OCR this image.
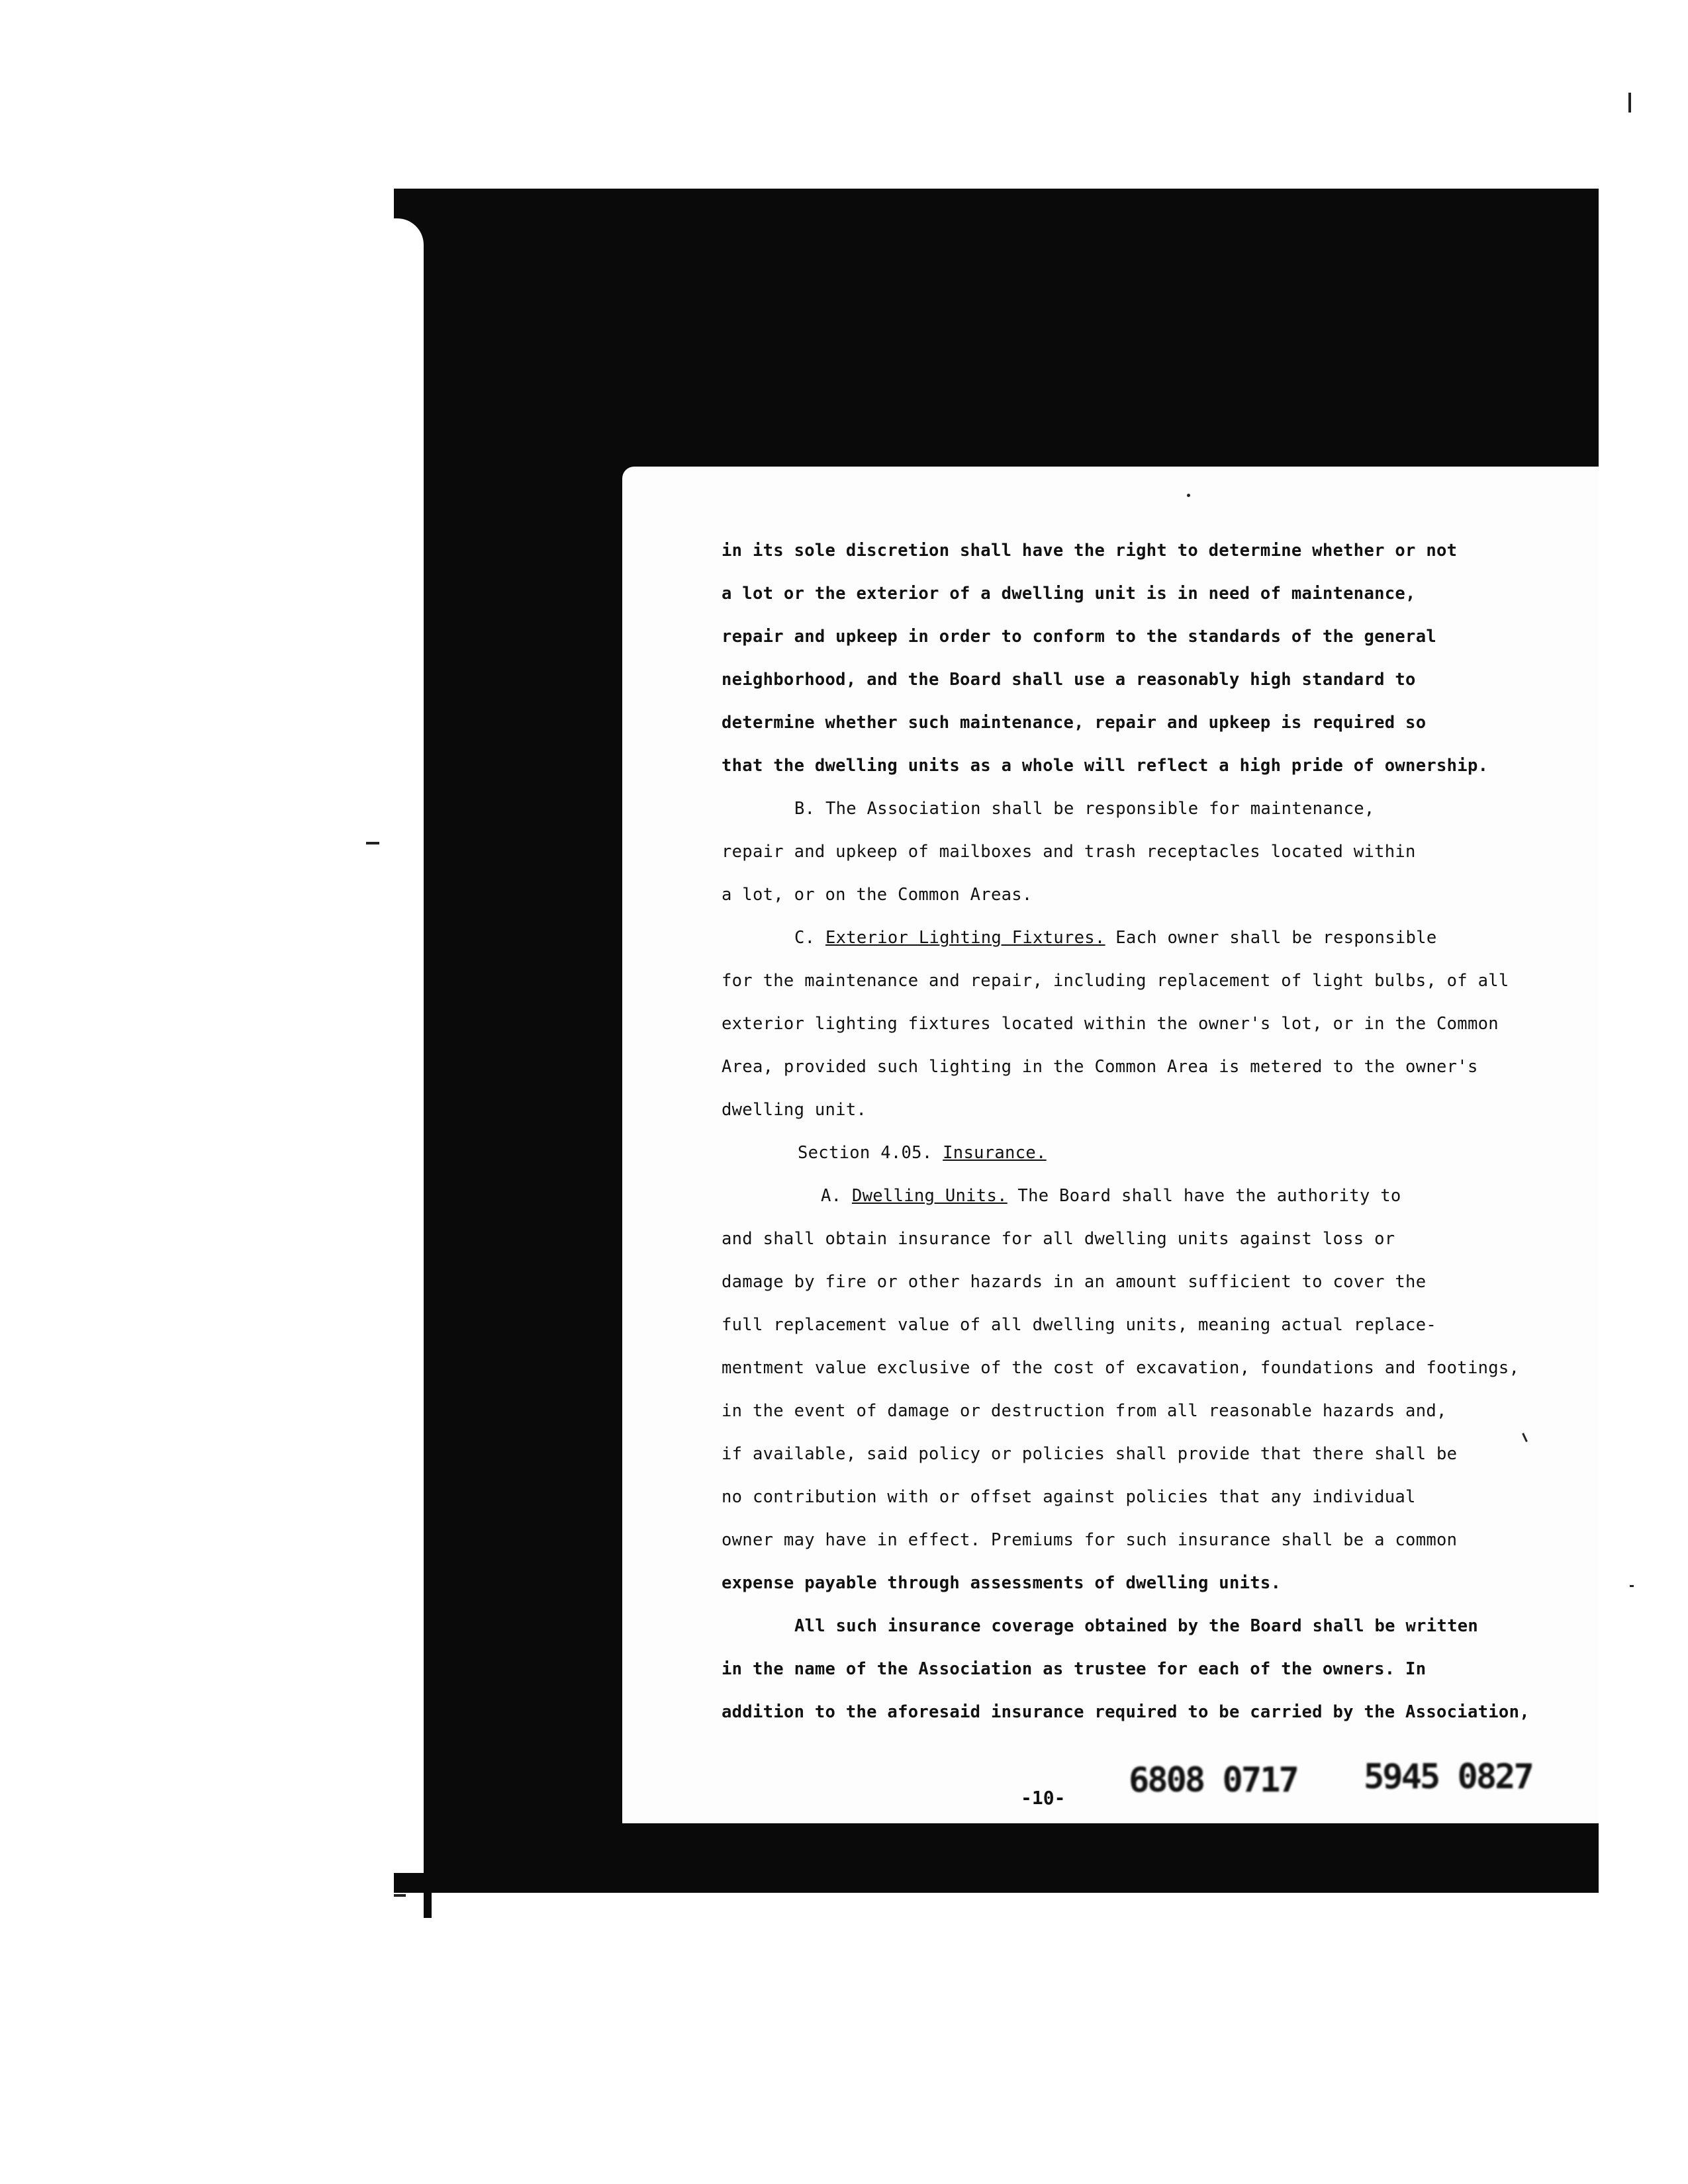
in its sole discretion shall have the right to determine whether or not
a lot or the exterior of a dwelling unit is in need of maintenance,
repair and upkeep in order to conform to the standards of the general
neighborhood, and the Board shall use a reasonably high standard to
determine whether such maintenance, repair and upkeep is required so
that the dwelling units as a whole will reflect a high pride of ownership.
B. The Association shall be responsible for maintenance,
repair and upkeep of mailboxes and trash receptacles located within
a lot, or on the Common Areas.
C. Exterior Lighting Fixtures. Each owner shall be responsible
for the maintenance and repair, including replacement of light bulbs, of all
exterior lighting fixtures located within the owner's lot, or in the Common
Area, provided such lighting in the Common Area is metered to the owner's
dwelling unit.
Section 4.05. Insurance.
A. Dwelling Units. The Board shall have the authority to
and shall obtain insurance for all dwelling units against loss or
damage by fire or other hazards in an amount sufficient to cover the
full replacement value of all dwelling units, meaning actual replace-
mentment value exclusive of the cost of excavation, foundations and footings,
in the event of damage or destruction from all reasonable hazards and,
if available, said policy or policies shall provide that there shall be
no contribution with or offset against policies that any individual
owner may have in effect. Premiums for such insurance shall be a common
expense payable through assessments of dwelling units.
All such insurance coverage obtained by the Board shall be written
in the name of the Association as trustee for each of the owners. In
addition to the aforesaid insurance required to be carried by the Association,
-10- 6808 0717 5945 0827
